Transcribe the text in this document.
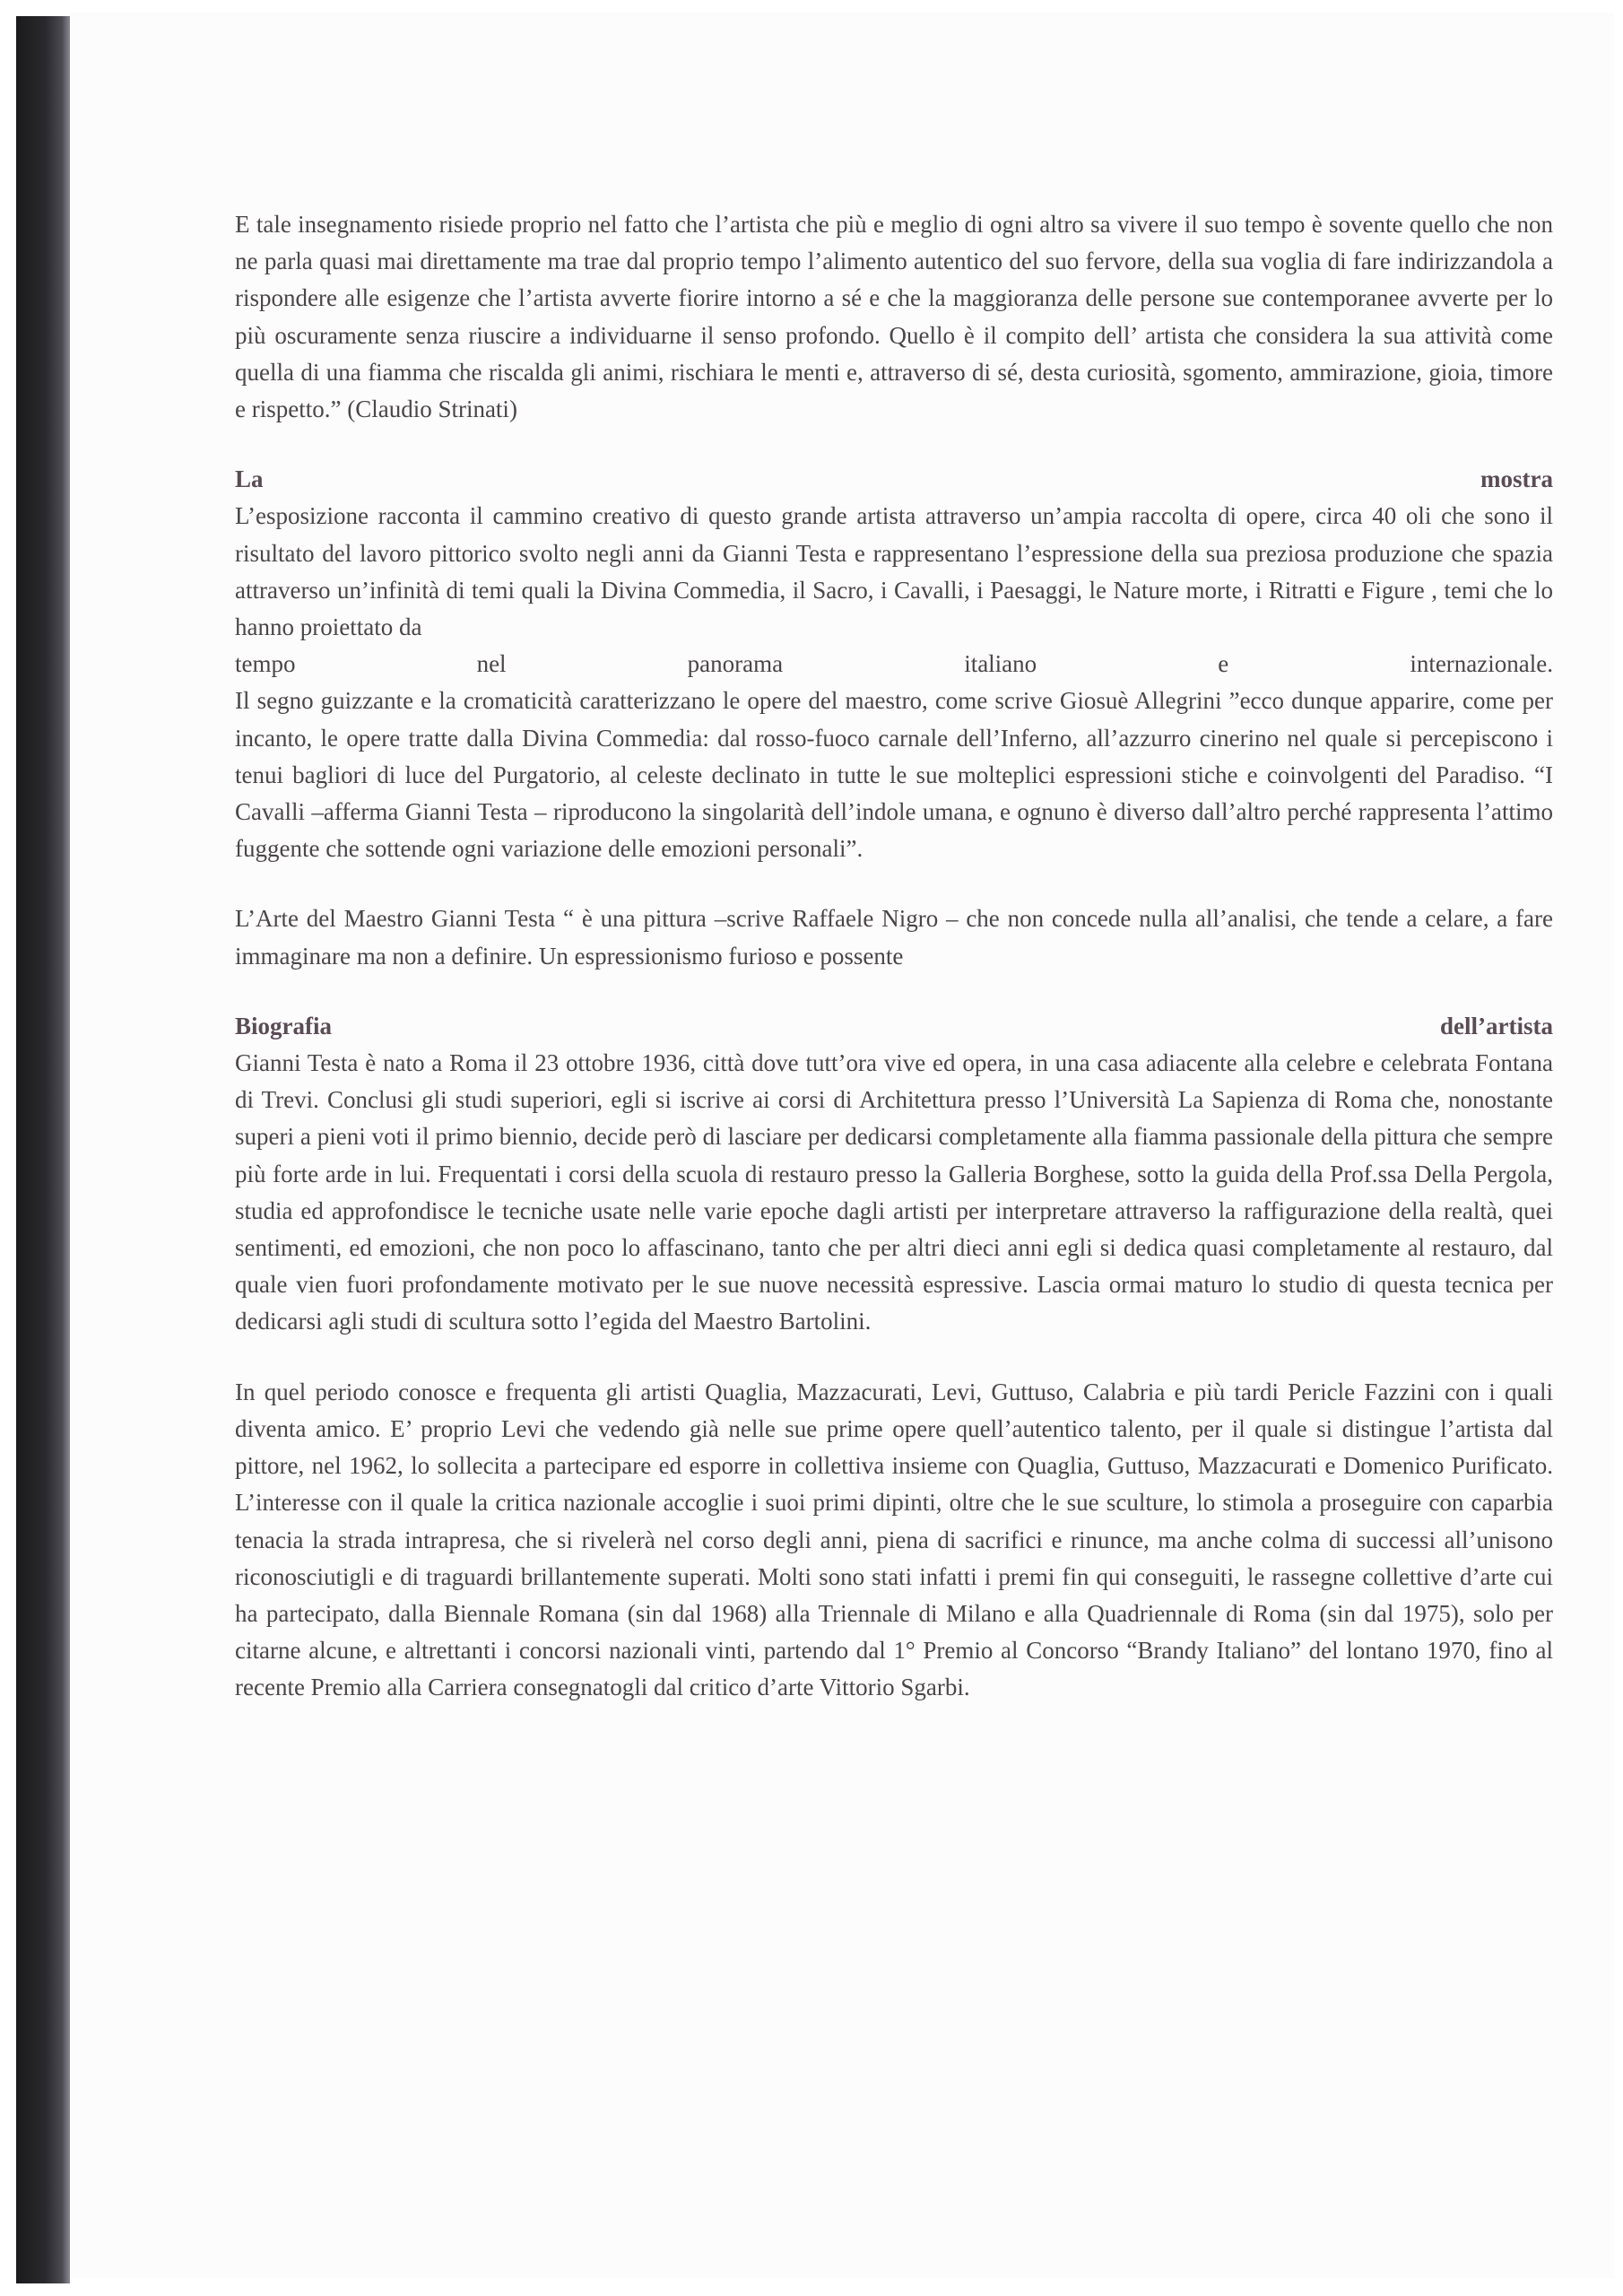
E tale insegnamento risiede proprio nel fatto che l’artista che più e meglio di ogni altro sa vivere il suo tempo è sovente quello che non ne parla quasi mai direttamente ma trae dal proprio tempo l’alimento autentico del suo fervore, della sua voglia di fare indirizzandola a rispondere alle esigenze che l’artista avverte fiorire intorno a sé e che la maggioranza delle persone sue contemporanee avverte per lo più oscuramente senza riuscire a individuarne il senso profondo. Quello è il compito dell’ artista che considera la sua attività come quella di una fiamma che riscalda gli animi, rischiara le menti e, attraverso di sé, desta curiosità, sgomento, ammirazione, gioia, timore e rispetto.” (Claudio Strinati)

La	mostra

L’esposizione racconta il cammino creativo di questo grande artista attraverso un’ampia raccolta di opere, circa 40 oli che sono il risultato del lavoro pittorico svolto negli anni da Gianni Testa e rappresentano l’espressione della sua preziosa produzione che spazia attraverso un’infinità di temi quali la Divina Commedia, il Sacro, i Cavalli, i Paesaggi, le Nature morte, i Ritratti e Figure , temi che lo hanno proiettato da

tempo	nel	panorama	italiano	e	internazionale.

Il segno guizzante e la cromaticità caratterizzano le opere del maestro, come scrive Giosuè Allegrini ”ecco dunque apparire, come per incanto, le opere tratte dalla Divina Commedia: dal rosso-fuoco carnale dell’Inferno, all’azzurro cinerino nel quale si percepiscono i tenui bagliori di luce del Purgatorio, al celeste declinato in tutte le sue molteplici espressioni stiche e coinvolgenti del Paradiso. “I Cavalli –afferma Gianni Testa – riproducono la singolarità dell’indole umana, e ognuno è diverso dall’altro perché rappresenta l’attimo fuggente che sottende ogni variazione delle emozioni personali”.

L’Arte del Maestro Gianni Testa “ è una pittura –scrive Raffaele Nigro – che non concede nulla all’analisi, che tende a celare, a fare immaginare ma non a definire. Un espressionismo furioso e possente

Biografia	dell’artista

Gianni Testa è nato a Roma il 23 ottobre 1936, città dove tutt’ora vive ed opera, in una casa adiacente alla celebre e celebrata Fontana di Trevi. Conclusi gli studi superiori, egli si iscrive ai corsi di Architettura presso l’Università La Sapienza di Roma che, nonostante superi a pieni voti il primo biennio, decide però di lasciare per dedicarsi completamente alla fiamma passionale della pittura che sempre più forte arde in lui. Frequentati i corsi della scuola di restauro presso la Galleria Borghese, sotto la guida della Prof.ssa Della Pergola, studia ed approfondisce le tecniche usate nelle varie epoche dagli artisti per interpretare attraverso la raffigurazione della realtà, quei sentimenti, ed emozioni, che non poco lo affascinano, tanto che per altri dieci anni egli si dedica quasi completamente al restauro, dal quale vien fuori profondamente motivato per le sue nuove necessità espressive. Lascia ormai maturo lo studio di questa tecnica per dedicarsi agli studi di scultura sotto l’egida del Maestro Bartolini.

In quel periodo conosce e frequenta gli artisti Quaglia, Mazzacurati, Levi, Guttuso, Calabria e più tardi Pericle Fazzini con i quali diventa amico. E’ proprio Levi che vedendo già nelle sue prime opere quell’autentico talento, per il quale si distingue l’artista dal pittore, nel 1962, lo sollecita a partecipare ed esporre in collettiva insieme con Quaglia, Guttuso, Mazzacurati e Domenico Purificato. L’interesse con il quale la critica nazionale accoglie i suoi primi dipinti, oltre che le sue sculture, lo stimola a proseguire con caparbia tenacia la strada intrapresa, che si rivelerà nel corso degli anni, piena di sacrifici e rinunce, ma anche colma di successi all’unisono riconosciutigli e di traguardi brillantemente superati. Molti sono stati infatti i premi fin qui conseguiti, le rassegne collettive d’arte cui ha partecipato, dalla Biennale Romana (sin dal 1968) alla Triennale di Milano e alla Quadriennale di Roma (sin dal 1975), solo per citarne alcune, e altrettanti i concorsi nazionali vinti, partendo dal 1° Premio al Concorso “Brandy Italiano” del lontano 1970, fino al recente Premio alla Carriera consegnatogli dal critico d’arte Vittorio Sgarbi.
